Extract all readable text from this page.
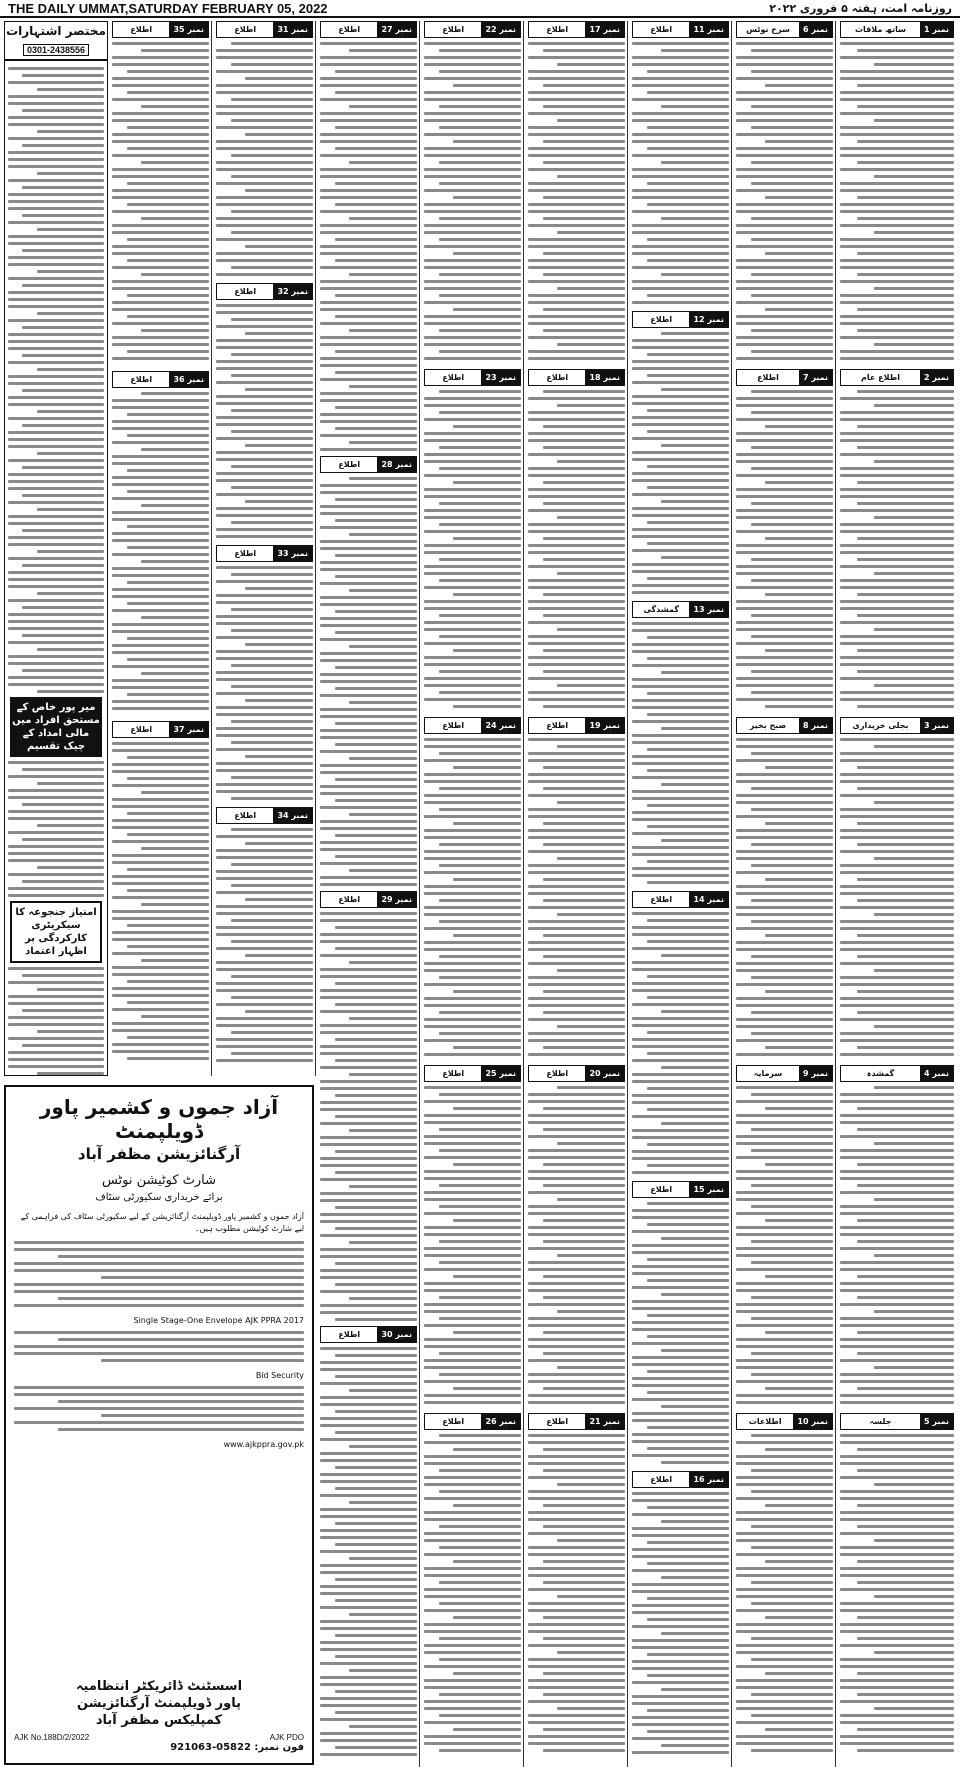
THE DAILY UMMAT,SATURDAY FEBRUARY 05, 2022	روزنامہ امت، ہفتہ ۵ فروری ۲۰۲۲
مختصر اشتہارات
0301-2438556
میر پور خاص کے مستحق افراد میں مالی امداد کے چیک تقسیم
امتیاز جنجوعہ کا سیکریٹری کارکردگی پر اظہار اعتماد
نمبر 35
اطلاع
نمبر 36
اطلاع
نمبر 37
اطلاع
نمبر 31
اطلاع
نمبر 32
اطلاع
نمبر 33
اطلاع
نمبر 34
اطلاع
نمبر 27
اطلاع
نمبر 28
اطلاع
نمبر 29
اطلاع
نمبر 30
اطلاع
نمبر 22
اطلاع
نمبر 23
اطلاع
نمبر 24
اطلاع
نمبر 25
اطلاع
نمبر 26
اطلاع
نمبر 17
اطلاع
نمبر 18
اطلاع
نمبر 19
اطلاع
نمبر 20
اطلاع
نمبر 21
اطلاع
نمبر 11
اطلاع
نمبر 12
اطلاع
نمبر 13
گمشدگی
نمبر 14
اطلاع
نمبر 15
اطلاع
نمبر 16
اطلاع
نمبر 6
سرخ نوٹس
نمبر 7
اطلاع
نمبر 8
صبح بخیر
نمبر 9
سرمایہ
نمبر 10
اطلاعات
نمبر 1
ساتھ ملاقات
نمبر 2
اطلاع عام
نمبر 3
بجلی خریداری
نمبر 4
گمشدہ
نمبر 5
جلسہ
آزاد جموں و کشمیر پاور ڈویلپمنٹ
آرگنائزیشن مظفر آباد
شارٹ کوٹیشن نوٹس
برائے خریداری سکیورٹی سٹاف
آزاد جموں و کشمیر پاور ڈویلپمنٹ آرگنائزیشن کے لیے سکیورٹی سٹاف کی فراہمی کے لیے شارٹ کوٹیشن مطلوب ہیں۔
Single Stage-One Envelope AJK PPRA 2017
Bid Security
www.ajkppra.gov.pk
اسسٹنٹ ڈائریکٹر انتظامیہ
پاور ڈویلپمنٹ آرگنائزیشن
کمپلیکس مظفر آباد
AJK No.188D/2/2022	AJK PDO
فون نمبر: 05822-921063
